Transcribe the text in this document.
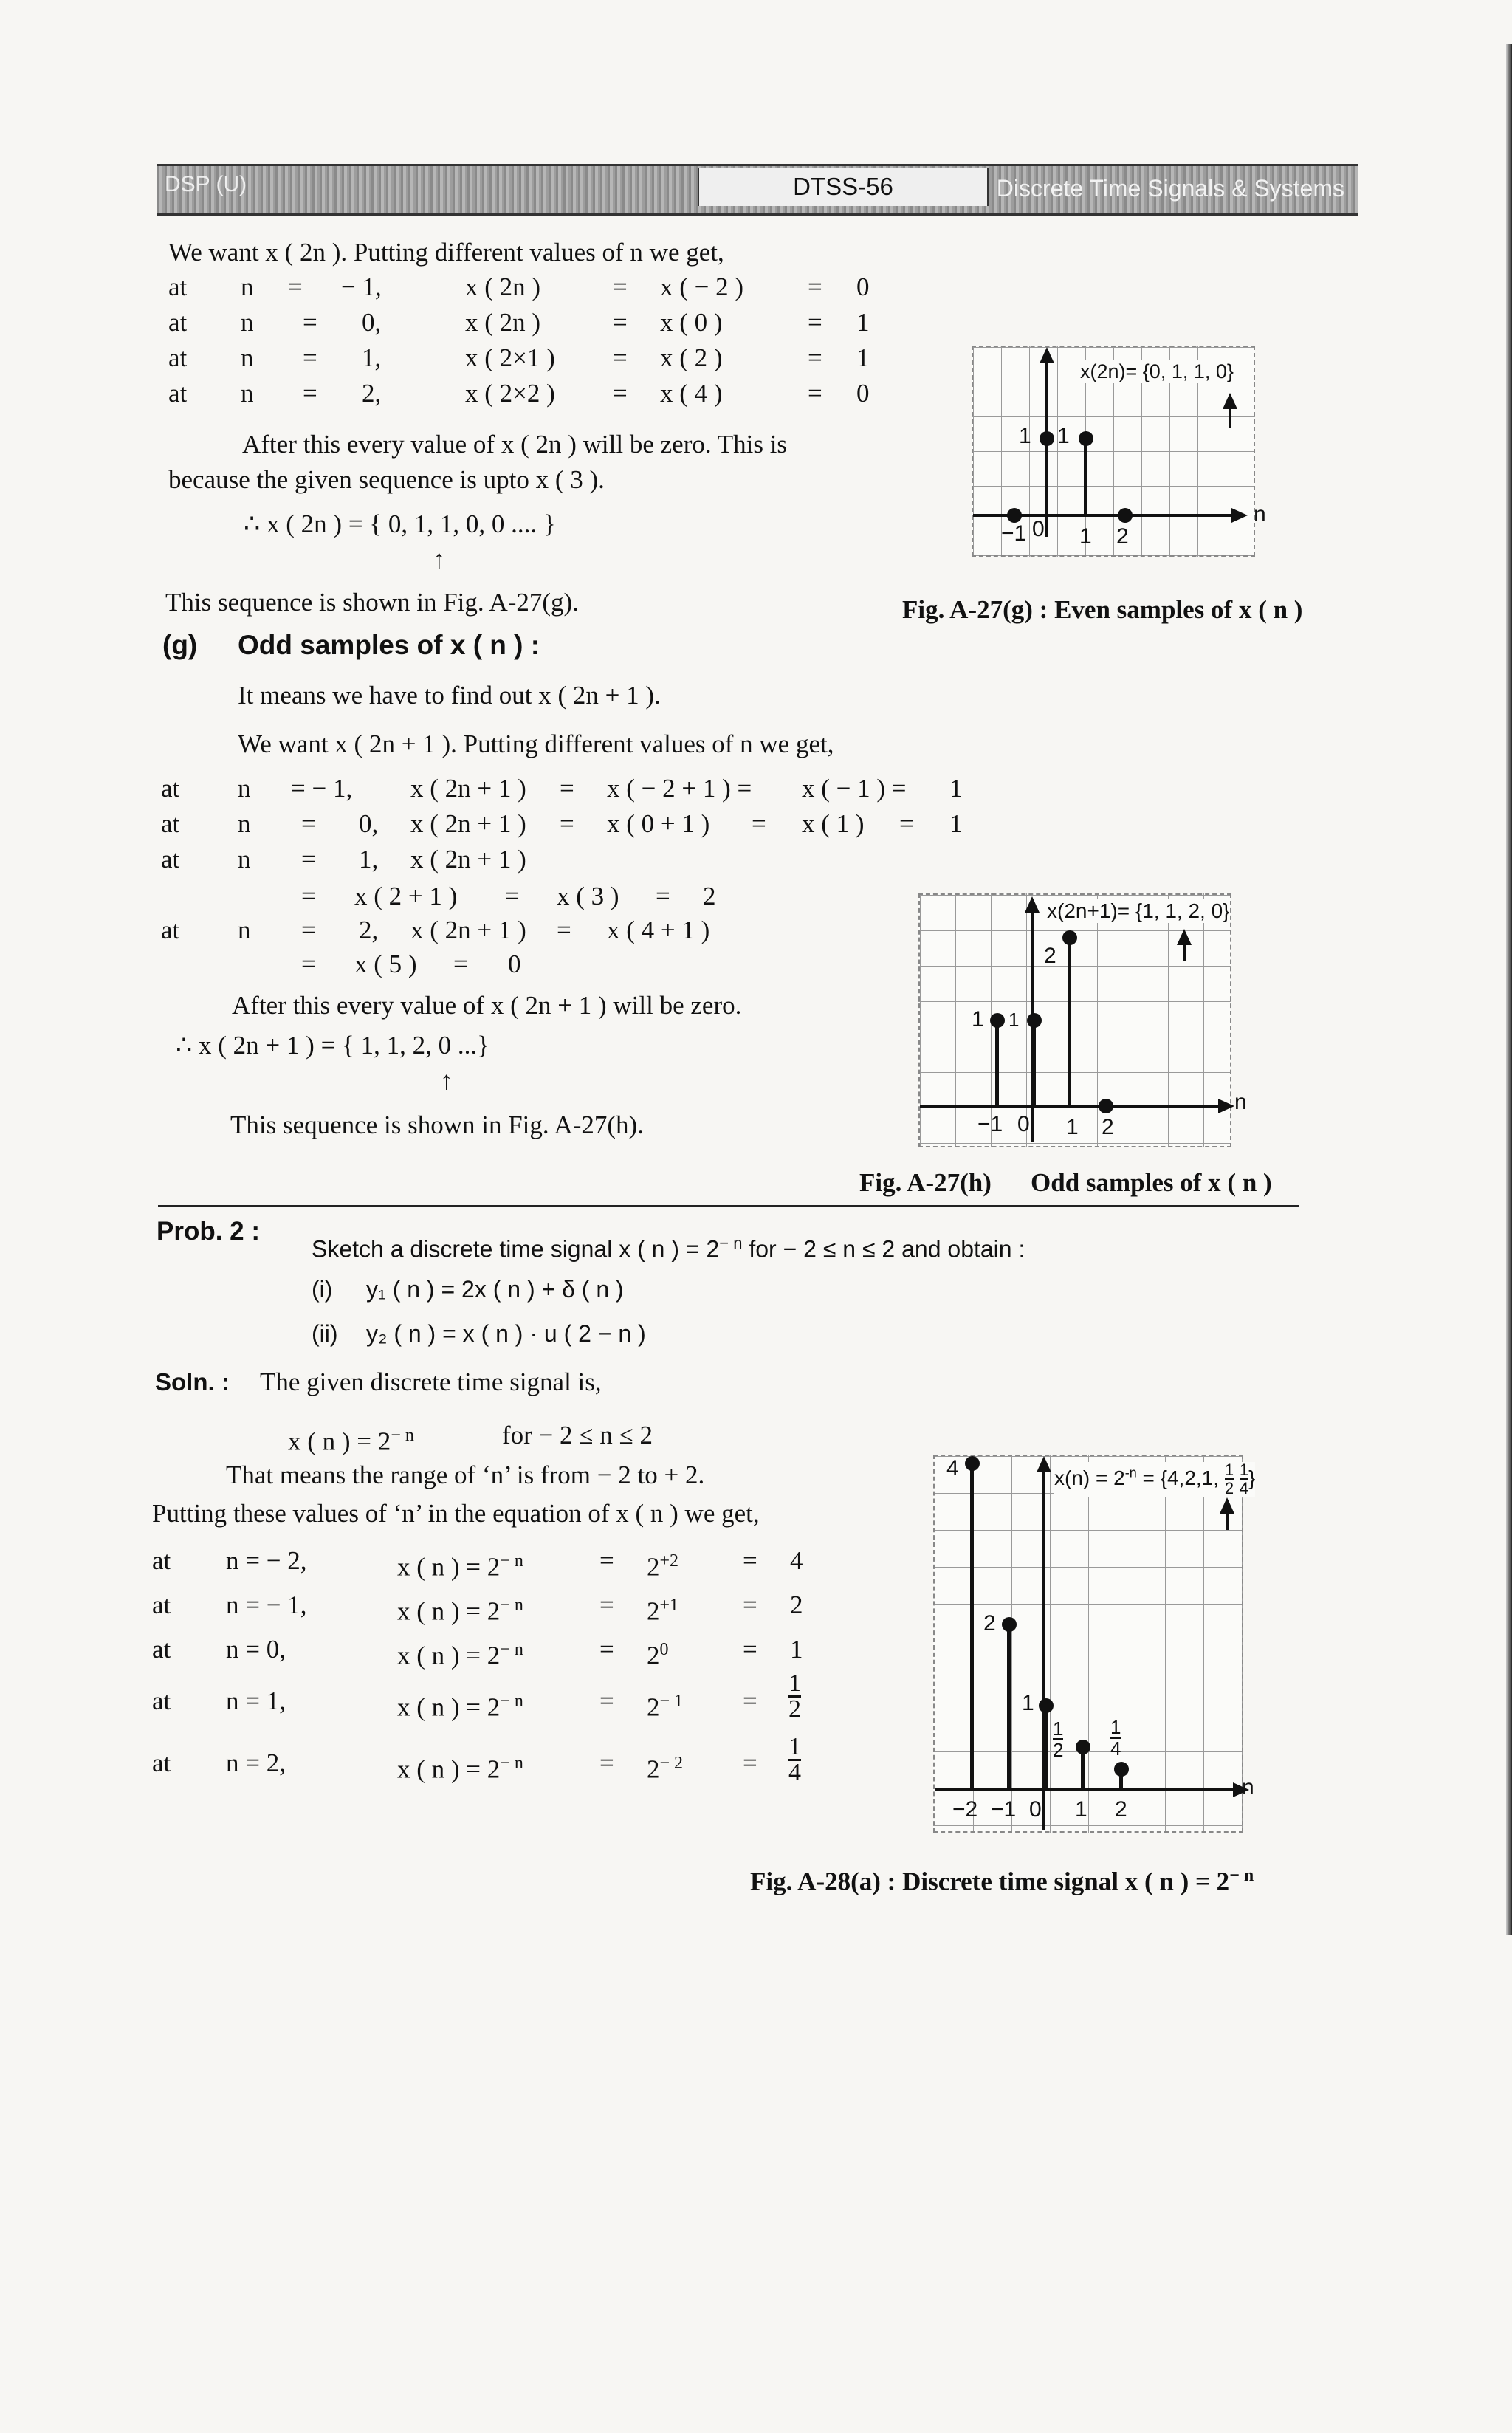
DSP (U)	DTSS-56	Discrete Time Signals & Systems
We want x ( 2n ). Putting different values of n we get,
at n = − 1,	x ( 2n )	= x ( − 2 ) = 0
at n = 0,	x ( 2n )	= x ( 0 )	= 1
at n = 1,	x ( 2×1 ) = x ( 2 )	= 1
at n = 2,	x ( 2×2 ) = x ( 4 )	= 0
After this every value of x ( 2n ) will be zero. This is
because the given sequence is upto x ( 3 ).
∴ x ( 2n ) = { 0, 1, 1, 0, 0 .... }
↑
This sequence is shown in Fig. A-27(g).
x(2n)= {0, 1, 1, 0}
1 1
−1 0 1 2
n
Fig. A-27(g) : Even samples of x ( n )
(g) Odd samples of x ( n ) :
It means we have to find out x ( 2n + 1 ).
We want x ( 2n + 1 ). Putting different values of n we get,
at n = − 1, x ( 2n + 1 ) = x ( − 2 + 1 ) = x ( − 1 ) = 1
at n = 0, x ( 2n + 1 ) = x ( 0 + 1 ) = x ( 1 ) = 1
at n = 1, x ( 2n + 1 )
= x ( 2 + 1 ) = x ( 3 ) = 2
at n = 2, x ( 2n + 1 ) = x ( 4 + 1 )
= x ( 5 ) = 0
After this every value of x ( 2n + 1 ) will be zero.
∴ x ( 2n + 1 ) = { 1, 1, 2, 0 ...}
↑
This sequence is shown in Fig. A-27(h).
x(2n+1)= {1, 1, 2, 0}
1 1
2
−1 0 1 2
n
Fig. A-27(h) Odd samples of x ( n )
Prob. 2 :
Sketch a discrete time signal x ( n ) = $2^{- n}$ for − 2 ≤ n ≤ 2 and obtain :
(i) y₁ ( n ) = 2x ( n ) + δ ( n )
(ii) y₂ ( n ) = x ( n ) · u ( 2 − n )
Soln. : The given discrete time signal is,
x ( n ) = $2^{- n}$	for − 2 ≤ n ≤ 2
That means the range of ‘n’ is from − 2 to + 2.
Putting these values of ‘n’ in the equation of x ( n ) we get,
at n = − 2,	x ( n ) = $2^{- n}$	= $2^{+2} = 4$
at n = − 1,	x ( n ) = $2^{- n}$	= $2^{+1} = 2$
at n = 0,	x ( n ) = $2^{- n}$	= $2^0$	= 1
at n = 1,	x ( n ) = $2^{- n}$	= $2^{- 1} = \frac{1}{2}$
at n = 2,	x ( n ) = $2^{- n}$	= $2^{- 2} = \frac{1}{4}$
$x(n) = 2^{-n} = \{4,2,1$, $\frac{1}{2}$
$\frac{1}{4}$ }
4
2
1
$\frac{1}{2} \frac{1}{4}$
−2 −1 0 1 2
n
Fig. A-28(a) : Discrete time signal x ( n ) = $2^{- n}$
